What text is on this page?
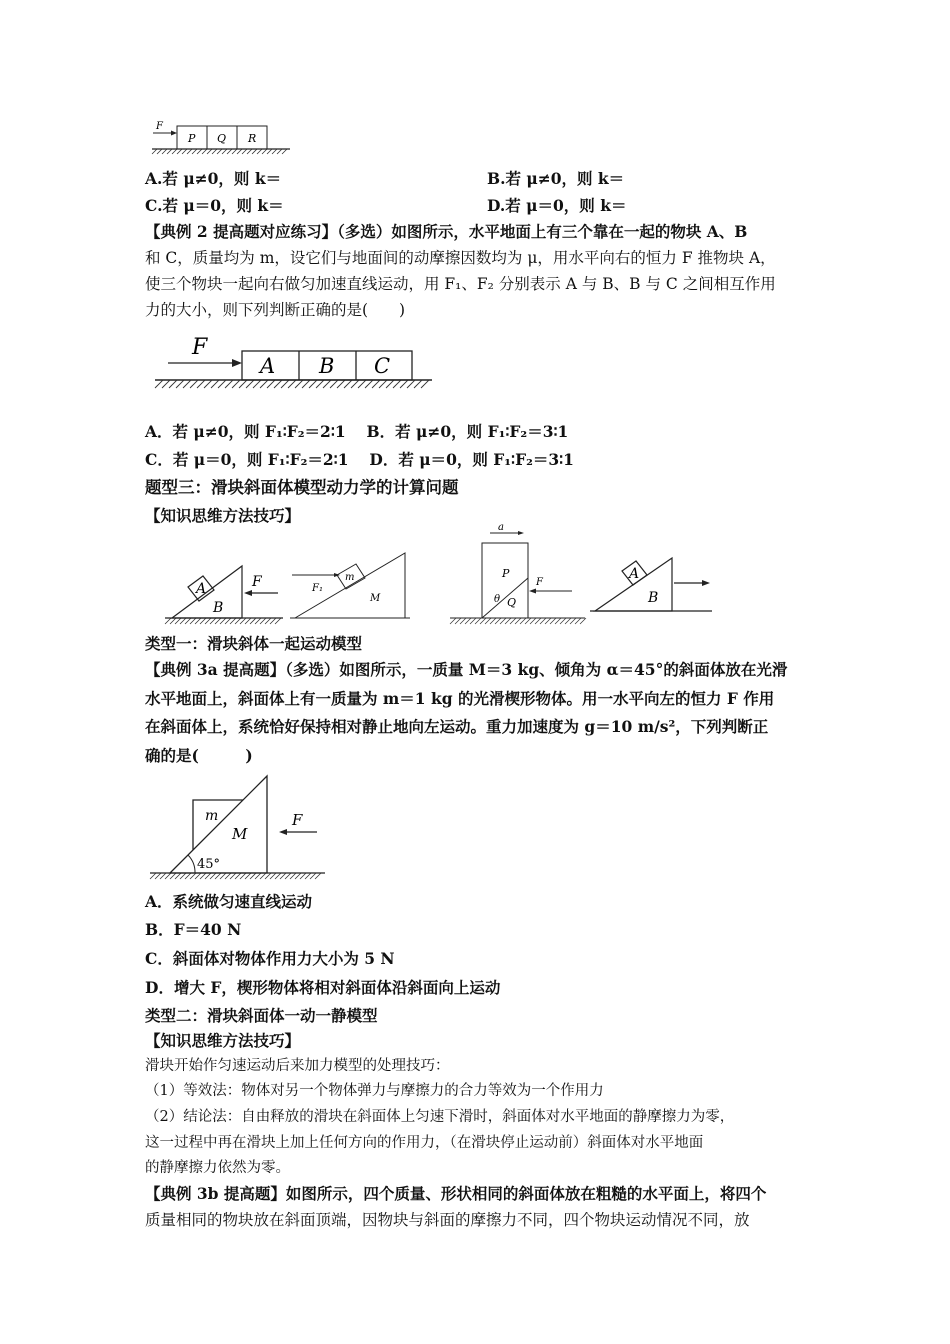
F
P Q R
A.若 μ≠0，则 k＝	B.若 μ≠0，则 k＝
C.若 μ＝0，则 k＝	D.若 μ＝0，则 k＝
【典例 2 提高题对应练习】（多选）如图所示，水平地面上有三个靠在一起的物块 A、B
和 C，质量均为 m，设它们与地面间的动摩擦因数均为 μ，用水平向右的恒力 F 推物块 A，
使三个物块一起向右做匀加速直线运动，用 F₁、F₂ 分别表示 A 与 B、B 与 C 之间相互作用
力的大小，则下列判断正确的是(　　)
F
A B C
A．若 μ≠0，则 F₁∶F₂＝2∶1　 B．若 μ≠0，则 F₁∶F₂＝3∶1
C．若 μ＝0，则 F₁∶F₂＝2∶1　 D．若 μ＝0，则 F₁∶F₂＝3∶1
题型三：滑块斜面体模型动力学的计算问题
【知识思维方法技巧】
A
B
F	m
M
F₁
a
P
θ Q
F
A
B
类型一：滑块斜体一起运动模型
【典例 3a 提高题】（多选）如图所示，一质量 M＝3 kg、倾角为 α＝45°的斜面体放在光滑
水平地面上，斜面体上有一质量为 m＝1 kg 的光滑楔形物体。用一水平向左的恒力 F 作用
在斜面体上，系统恰好保持相对静止地向左运动。重力加速度为 g＝10 m/s²，下列判断正
确的是(　　　)
m
M
45°
F
A．系统做匀速直线运动
B．F＝40 N
C．斜面体对物体作用力大小为 5 N
D．增大 F，楔形物体将相对斜面体沿斜面向上运动
类型二：滑块斜面体一动一静模型
【知识思维方法技巧】
滑块开始作匀速运动后来加力模型的处理技巧：
（1）等效法：物体对另一个物体弹力与摩擦力的合力等效为一个作用力
（2）结论法：自由释放的滑块在斜面体上匀速下滑时，斜面体对水平地面的静摩擦力为零，
这一过程中再在滑块上加上任何方向的作用力，（在滑块停止运动前）斜面体对水平地面
的静摩擦力依然为零。
【典例 3b 提高题】如图所示，四个质量、形状相同的斜面体放在粗糙的水平面上，将四个
质量相同的物块放在斜面顶端，因物块与斜面的摩擦力不同，四个物块运动情况不同，放
